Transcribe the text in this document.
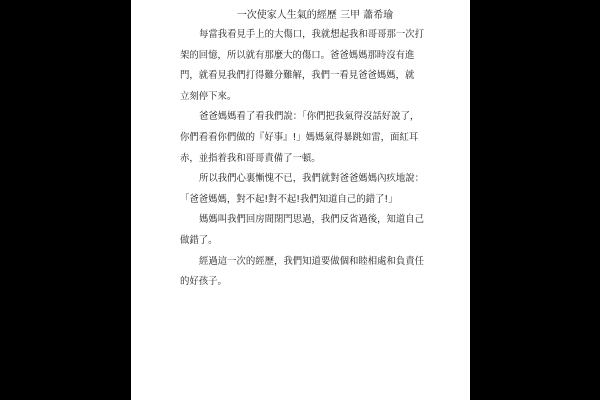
一次使家人生氣的經歷 三甲 蕭希瑜
每當我看見手上的大傷口，我就想起我和哥哥那一次打
架的回憶，所以就有那麼大的傷口。爸爸媽媽那時沒有進
門，就看見我們打得難分難解，我們一看見爸爸媽媽，就
立刻停下來。
爸爸媽媽看了看我們說：「你們把我氣得沒話好說了，
你們看看你們做的『好事』!」媽媽氣得暴跳如雷，面紅耳
赤，並指着我和哥哥責備了一頓。
所以我們心裏慚愧不已，我們就對爸爸媽媽內疚地說：
「爸爸媽媽，對不起!對不起!我們知道自己的錯了!」
媽媽叫我們回房間閉門思過，我們反省過後，知道自己
做錯了。
經過這一次的經歷，我們知道要做個和睦相處和負責任
的好孩子。
